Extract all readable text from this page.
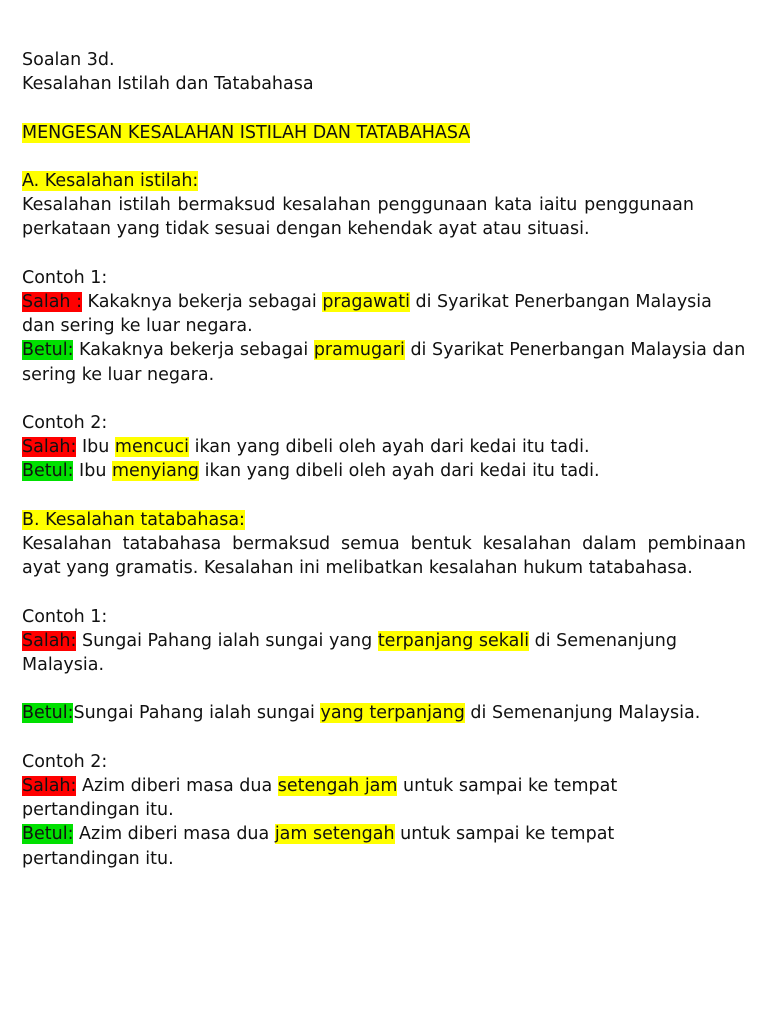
Soalan 3d.
Kesalahan Istilah dan Tatabahasa
MENGESAN KESALAHAN ISTILAH DAN TATABAHASA
A. Kesalahan istilah:
Kesalahan istilah bermaksud kesalahan penggunaan kata iaitu penggunaan perkataan yang tidak sesuai dengan kehendak ayat atau situasi.
Contoh 1:
Salah : Kakaknya bekerja sebagai pragawati di Syarikat Penerbangan Malaysia dan sering ke luar negara.
Betul: Kakaknya bekerja sebagai pramugari di Syarikat Penerbangan Malaysia dan sering ke luar negara.
Contoh 2:
Salah: Ibu mencuci ikan yang dibeli oleh ayah dari kedai itu tadi.
Betul: Ibu menyiang ikan yang dibeli oleh ayah dari kedai itu tadi.
B. Kesalahan tatabahasa:
Kesalahan tatabahasa bermaksud semua bentuk kesalahan dalam pembinaan ayat yang gramatis. Kesalahan ini melibatkan kesalahan hukum tatabahasa.
Contoh 1:
Salah: Sungai Pahang ialah sungai yang terpanjang sekali di Semenanjung Malaysia.
Betul:Sungai Pahang ialah sungai yang terpanjang di Semenanjung Malaysia.
Contoh 2:
Salah: Azim diberi masa dua setengah jam untuk sampai ke tempat pertandingan itu.
Betul: Azim diberi masa dua jam setengah untuk sampai ke tempat pertandingan itu.
